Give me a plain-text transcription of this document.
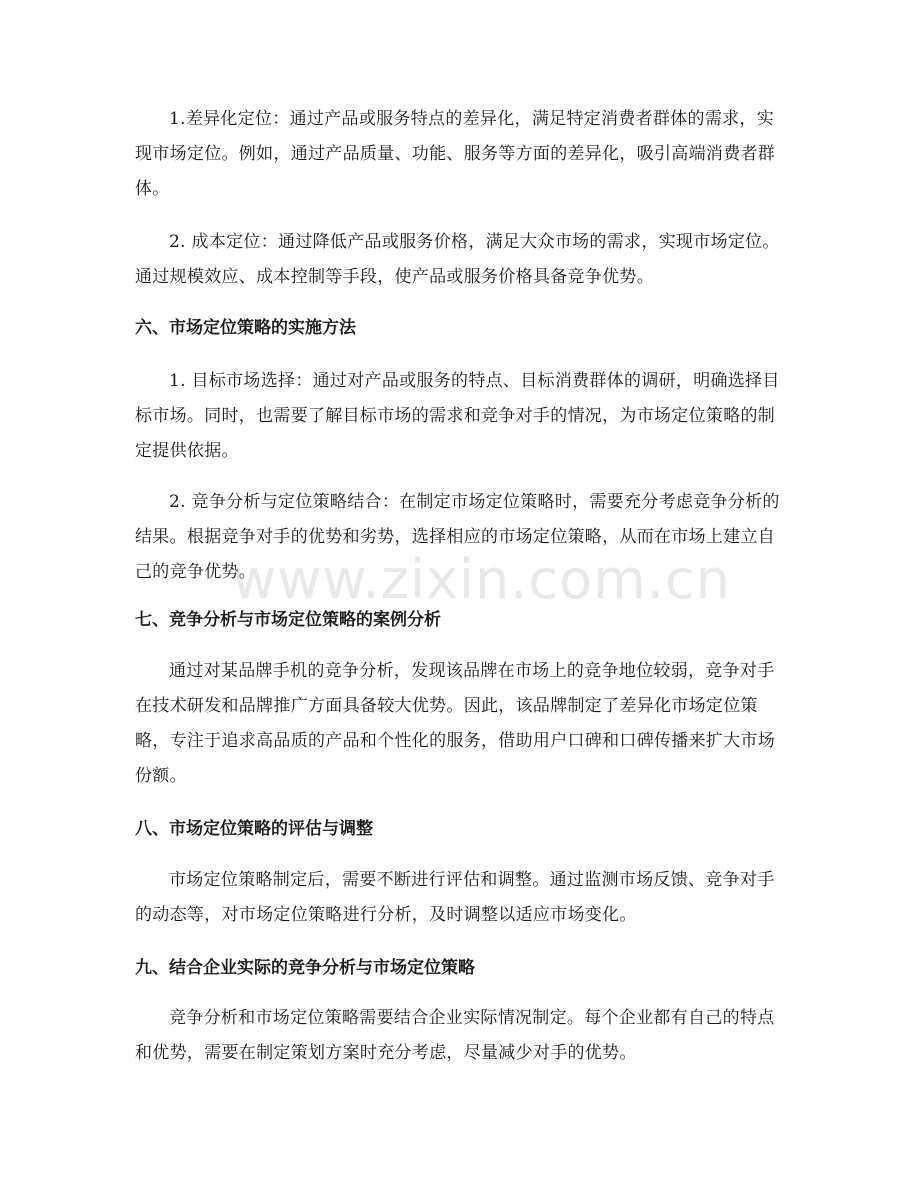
1.差异化定位：通过产品或服务特点的差异化，满足特定消费者群体的需求，实现市场定位。例如，通过产品质量、功能、服务等方面的差异化，吸引高端消费者群体。

2. 成本定位：通过降低产品或服务价格，满足大众市场的需求，实现市场定位。通过规模效应、成本控制等手段，使产品或服务价格具备竞争优势。

六、市场定位策略的实施方法

1. 目标市场选择：通过对产品或服务的特点、目标消费群体的调研，明确选择目标市场。同时，也需要了解目标市场的需求和竞争对手的情况，为市场定位策略的制定提供依据。

2. 竞争分析与定位策略结合：在制定市场定位策略时，需要充分考虑竞争分析的结果。根据竞争对手的优势和劣势，选择相应的市场定位策略，从而在市场上建立自己的竞争优势。

七、竞争分析与市场定位策略的案例分析

通过对某品牌手机的竞争分析，发现该品牌在市场上的竞争地位较弱，竞争对手在技术研发和品牌推广方面具备较大优势。因此，该品牌制定了差异化市场定位策略，专注于追求高品质的产品和个性化的服务，借助用户口碑和口碑传播来扩大市场份额。

八、市场定位策略的评估与调整

市场定位策略制定后，需要不断进行评估和调整。通过监测市场反馈、竞争对手的动态等，对市场定位策略进行分析，及时调整以适应市场变化。

九、结合企业实际的竞争分析与市场定位策略

竞争分析和市场定位策略需要结合企业实际情况制定。每个企业都有自己的特点和优势，需要在制定策划方案时充分考虑，尽量减少对手的优势。

www.zixin.com.cn
